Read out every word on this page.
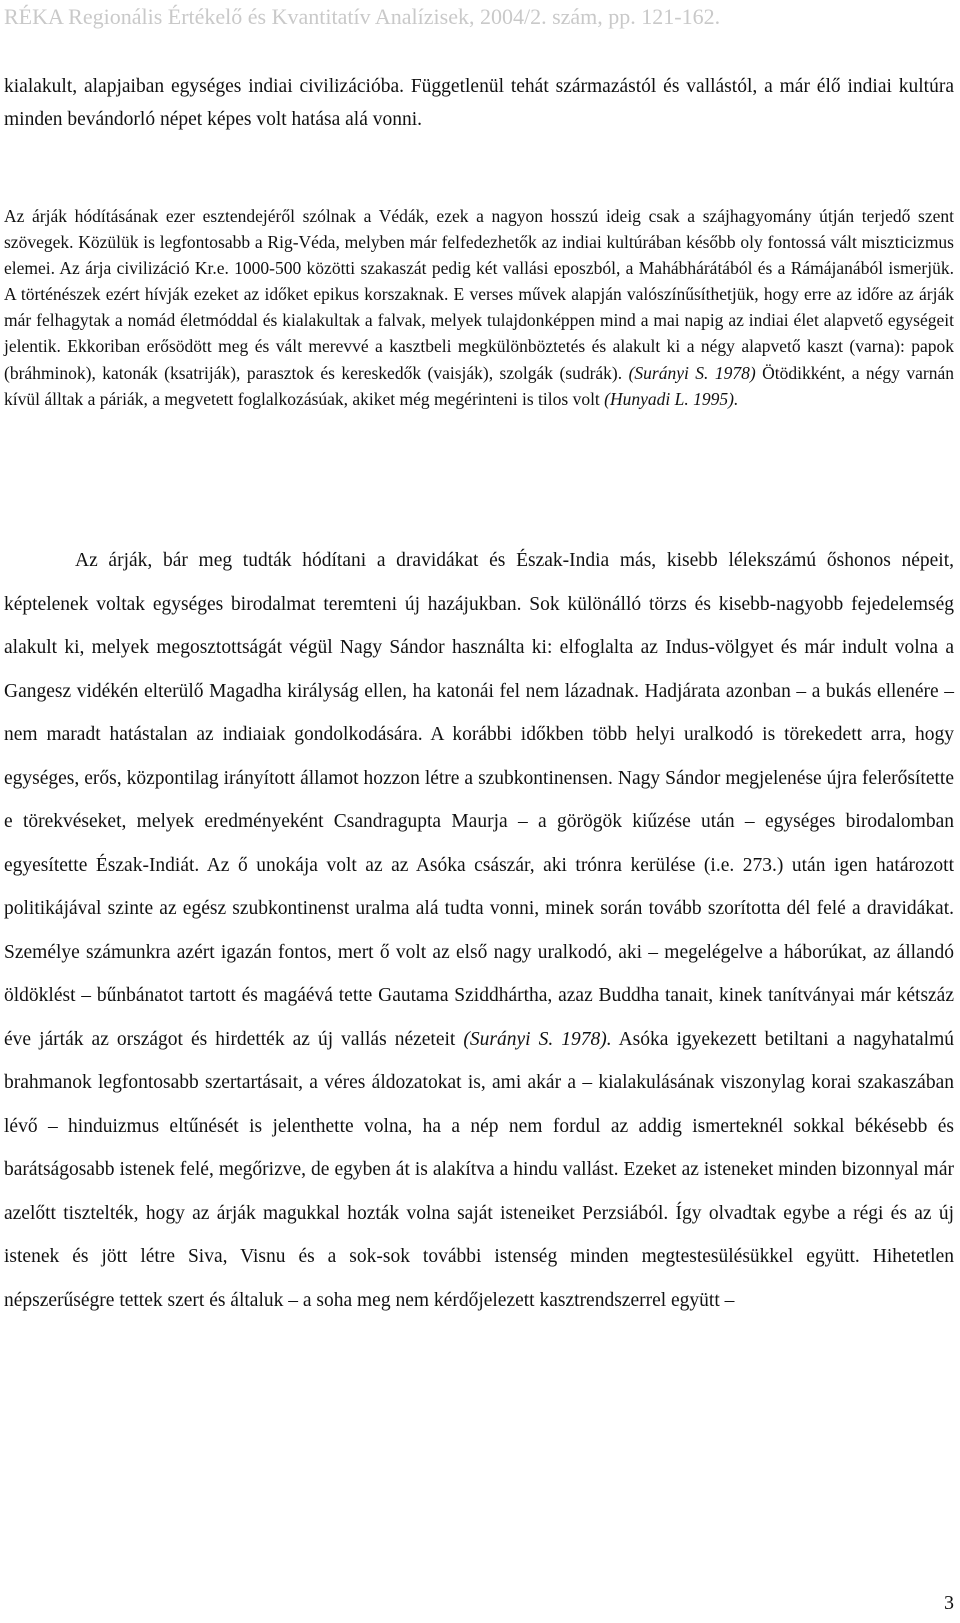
RÉKA Regionális Értékelő és Kvantitatív Analízisek, 2004/2. szám, pp. 121-162.

kialakult, alapjaiban egységes indiai civilizációba. Függetlenül tehát származástól és vallástól, a már élő indiai kultúra minden bevándorló népet képes volt hatása alá vonni.

Az árják hódításának ezer esztendejéről szólnak a Védák, ezek a nagyon hosszú ideig csak a szájhagyomány útján terjedő szent szövegek. Közülük is legfontosabb a Rig-Véda, melyben már felfedezhetők az indiai kultúrában később oly fontossá vált miszticizmus elemei. Az árja civilizáció Kr.e. 1000-500 közötti szakaszát pedig két vallási eposzból, a Mahábhárátából és a Rámájanából ismerjük. A történészek ezért hívják ezeket az időket epikus korszaknak. E verses művek alapján valószínűsíthetjük, hogy erre az időre az árják már felhagytak a nomád életmóddal és kialakultak a falvak, melyek tulajdonképpen mind a mai napig az indiai élet alapvető egységeit jelentik. Ekkoriban erősödött meg és vált merevvé a kasztbeli megkülönböztetés és alakult ki a négy alapvető kaszt (varna): papok (bráhminok), katonák (ksatriják), parasztok és kereskedők (vaisják), szolgák (sudrák). (Surányi S. 1978) Ötödikként, a négy varnán kívül álltak a páriák, a megvetett foglalkozásúak, akiket még megérinteni is tilos volt (Hunyadi L. 1995).

Az árják, bár meg tudták hódítani a dravidákat és Észak-India más, kisebb lélekszámú őshonos népeit, képtelenek voltak egységes birodalmat teremteni új hazájukban. Sok különálló törzs és kisebb-nagyobb fejedelemség alakult ki, melyek megosztottságát végül Nagy Sándor használta ki: elfoglalta az Indus-völgyet és már indult volna a Gangesz vidékén elterülő Magadha királyság ellen, ha katonái fel nem lázadnak. Hadjárata azonban – a bukás ellenére – nem maradt hatástalan az indiaiak gondolkodására. A korábbi időkben több helyi uralkodó is törekedett arra, hogy egységes, erős, központilag irányított államot hozzon létre a szubkontinensen. Nagy Sándor megjelenése újra felerősítette e törekvéseket, melyek eredményeként Csandragupta Maurja – a görögök kiűzése után – egységes birodalomban egyesítette Észak-Indiát. Az ő unokája volt az az Asóka császár, aki trónra kerülése (i.e. 273.) után igen határozott politikájával szinte az egész szubkontinenst uralma alá tudta vonni, minek során tovább szorította dél felé a dravidákat. Személye számunkra azért igazán fontos, mert ő volt az első nagy uralkodó, aki – megelégelve a háborúkat, az állandó öldöklést – bűnbánatot tartott és magáévá tette Gautama Sziddhártha, azaz Buddha tanait, kinek tanítványai már kétszáz éve járták az országot és hirdették az új vallás nézeteit (Surányi S. 1978). Asóka igyekezett betiltani a nagyhatalmú brahmanok legfontosabb szertartásait, a véres áldozatokat is, ami akár a – kialakulásának viszonylag korai szakaszában lévő – hinduizmus eltűnését is jelenthette volna, ha a nép nem fordul az addig ismerteknél sokkal békésebb és barátságosabb istenek felé, megőrizve, de egyben át is alakítva a hindu vallást. Ezeket az isteneket minden bizonnyal már azelőtt tisztelték, hogy az árják magukkal hozták volna saját isteneiket Perzsiából. Így olvadtak egybe a régi és az új istenek és jött létre Siva, Visnu és a sok-sok további istenség minden megtestesülésükkel együtt. Hihetetlen népszerűségre tettek szert és általuk – a soha meg nem kérdőjelezett kasztrendszerrel együtt –

3
